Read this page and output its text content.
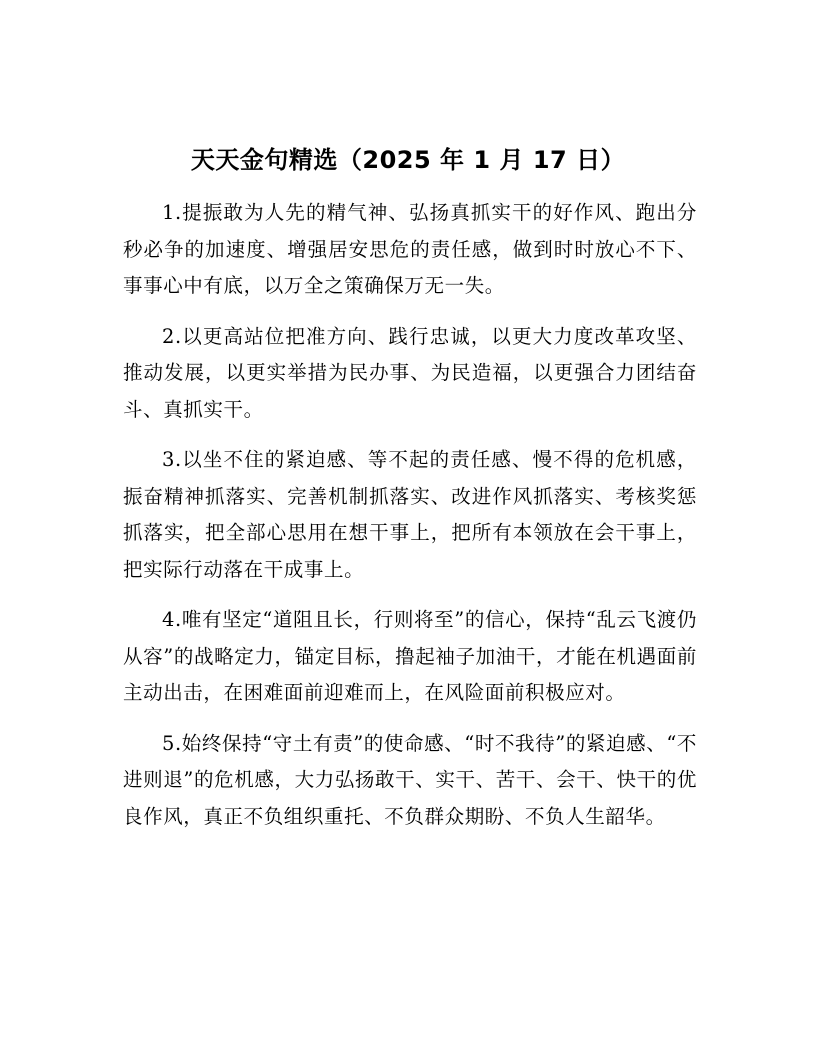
天天金句精选（2025 年 1 月 17 日）

1.提振敢为人先的精气神、弘扬真抓实干的好作风、跑出分秒必争的加速度、增强居安思危的责任感，做到时时放心不下、事事心中有底，以万全之策确保万无一失。

2.以更高站位把准方向、践行忠诚，以更大力度改革攻坚、推动发展，以更实举措为民办事、为民造福，以更强合力团结奋斗、真抓实干。

3.以坐不住的紧迫感、等不起的责任感、慢不得的危机感，振奋精神抓落实、完善机制抓落实、改进作风抓落实、考核奖惩抓落实，把全部心思用在想干事上，把所有本领放在会干事上，把实际行动落在干成事上。

4.唯有坚定“道阻且长，行则将至”的信心，保持“乱云飞渡仍从容”的战略定力，锚定目标，撸起袖子加油干，才能在机遇面前主动出击，在困难面前迎难而上，在风险面前积极应对。

5.始终保持“守土有责”的使命感、“时不我待”的紧迫感、“不进则退”的危机感，大力弘扬敢干、实干、苦干、会干、快干的优良作风，真正不负组织重托、不负群众期盼、不负人生韶华。
